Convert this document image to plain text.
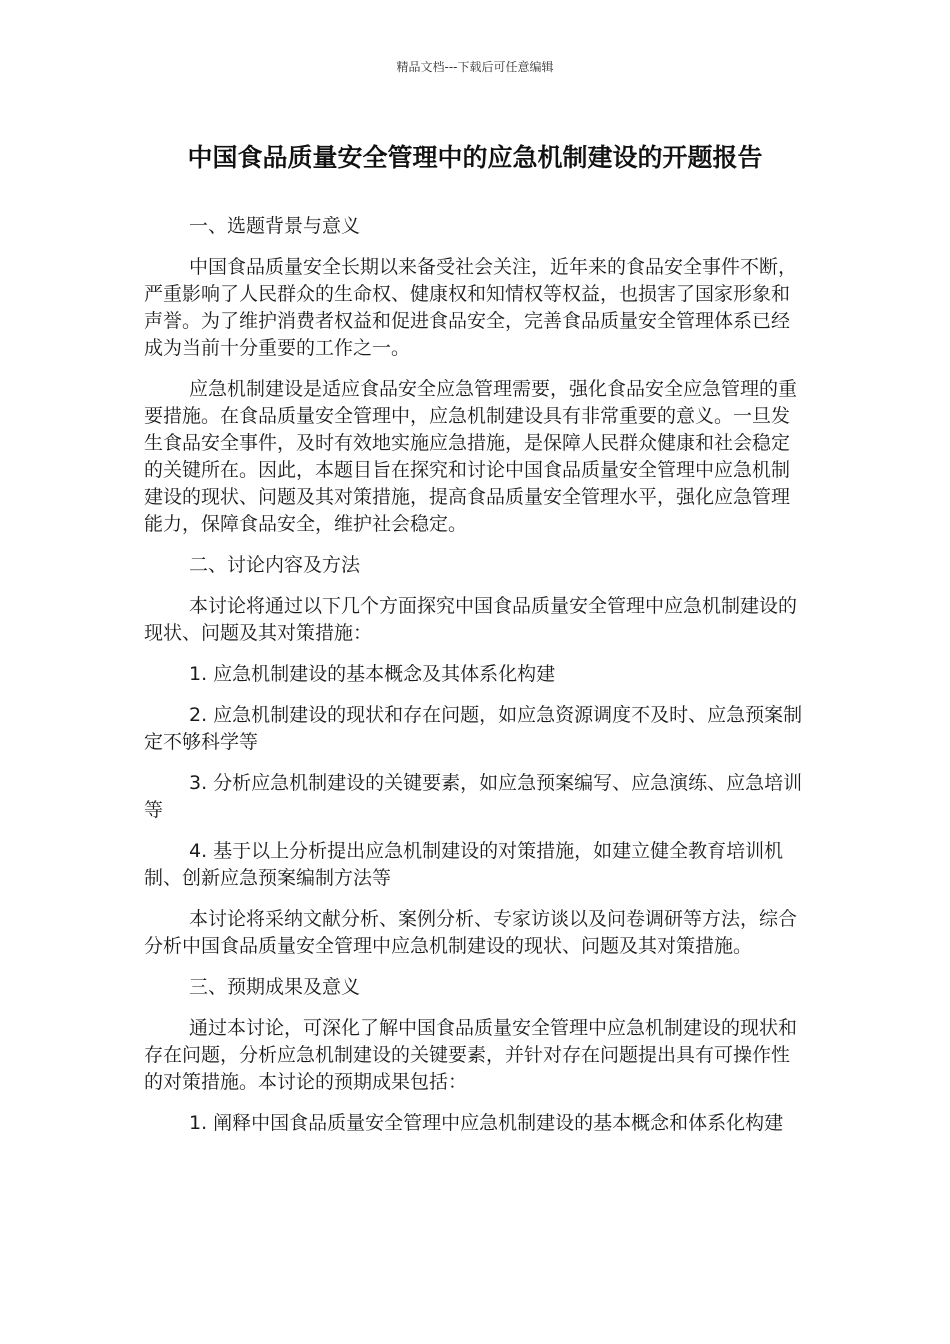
精品文档---下载后可任意编辑
中国食品质量安全管理中的应急机制建设的开题报告

一、选题背景与意义

中国食品质量安全长期以来备受社会关注，近年来的食品安全事件不断，严重影响了人民群众的生命权、健康权和知情权等权益，也损害了国家形象和声誉。为了维护消费者权益和促进食品安全，完善食品质量安全管理体系已经成为当前十分重要的工作之一。

应急机制建设是适应食品安全应急管理需要，强化食品安全应急管理的重要措施。在食品质量安全管理中，应急机制建设具有非常重要的意义。一旦发生食品安全事件，及时有效地实施应急措施，是保障人民群众健康和社会稳定的关键所在。因此，本题目旨在探究和讨论中国食品质量安全管理中应急机制建设的现状、问题及其对策措施，提高食品质量安全管理水平，强化应急管理能力，保障食品安全，维护社会稳定。

二、讨论内容及方法

本讨论将通过以下几个方面探究中国食品质量安全管理中应急机制建设的现状、问题及其对策措施：

1. 应急机制建设的基本概念及其体系化构建

2. 应急机制建设的现状和存在问题，如应急资源调度不及时、应急预案制定不够科学等

3. 分析应急机制建设的关键要素，如应急预案编写、应急演练、应急培训等

4. 基于以上分析提出应急机制建设的对策措施，如建立健全教育培训机制、创新应急预案编制方法等

本讨论将采纳文献分析、案例分析、专家访谈以及问卷调研等方法，综合分析中国食品质量安全管理中应急机制建设的现状、问题及其对策措施。

三、预期成果及意义

通过本讨论，可深化了解中国食品质量安全管理中应急机制建设的现状和存在问题，分析应急机制建设的关键要素，并针对存在问题提出具有可操作性的对策措施。本讨论的预期成果包括：

1. 阐释中国食品质量安全管理中应急机制建设的基本概念和体系化构建
